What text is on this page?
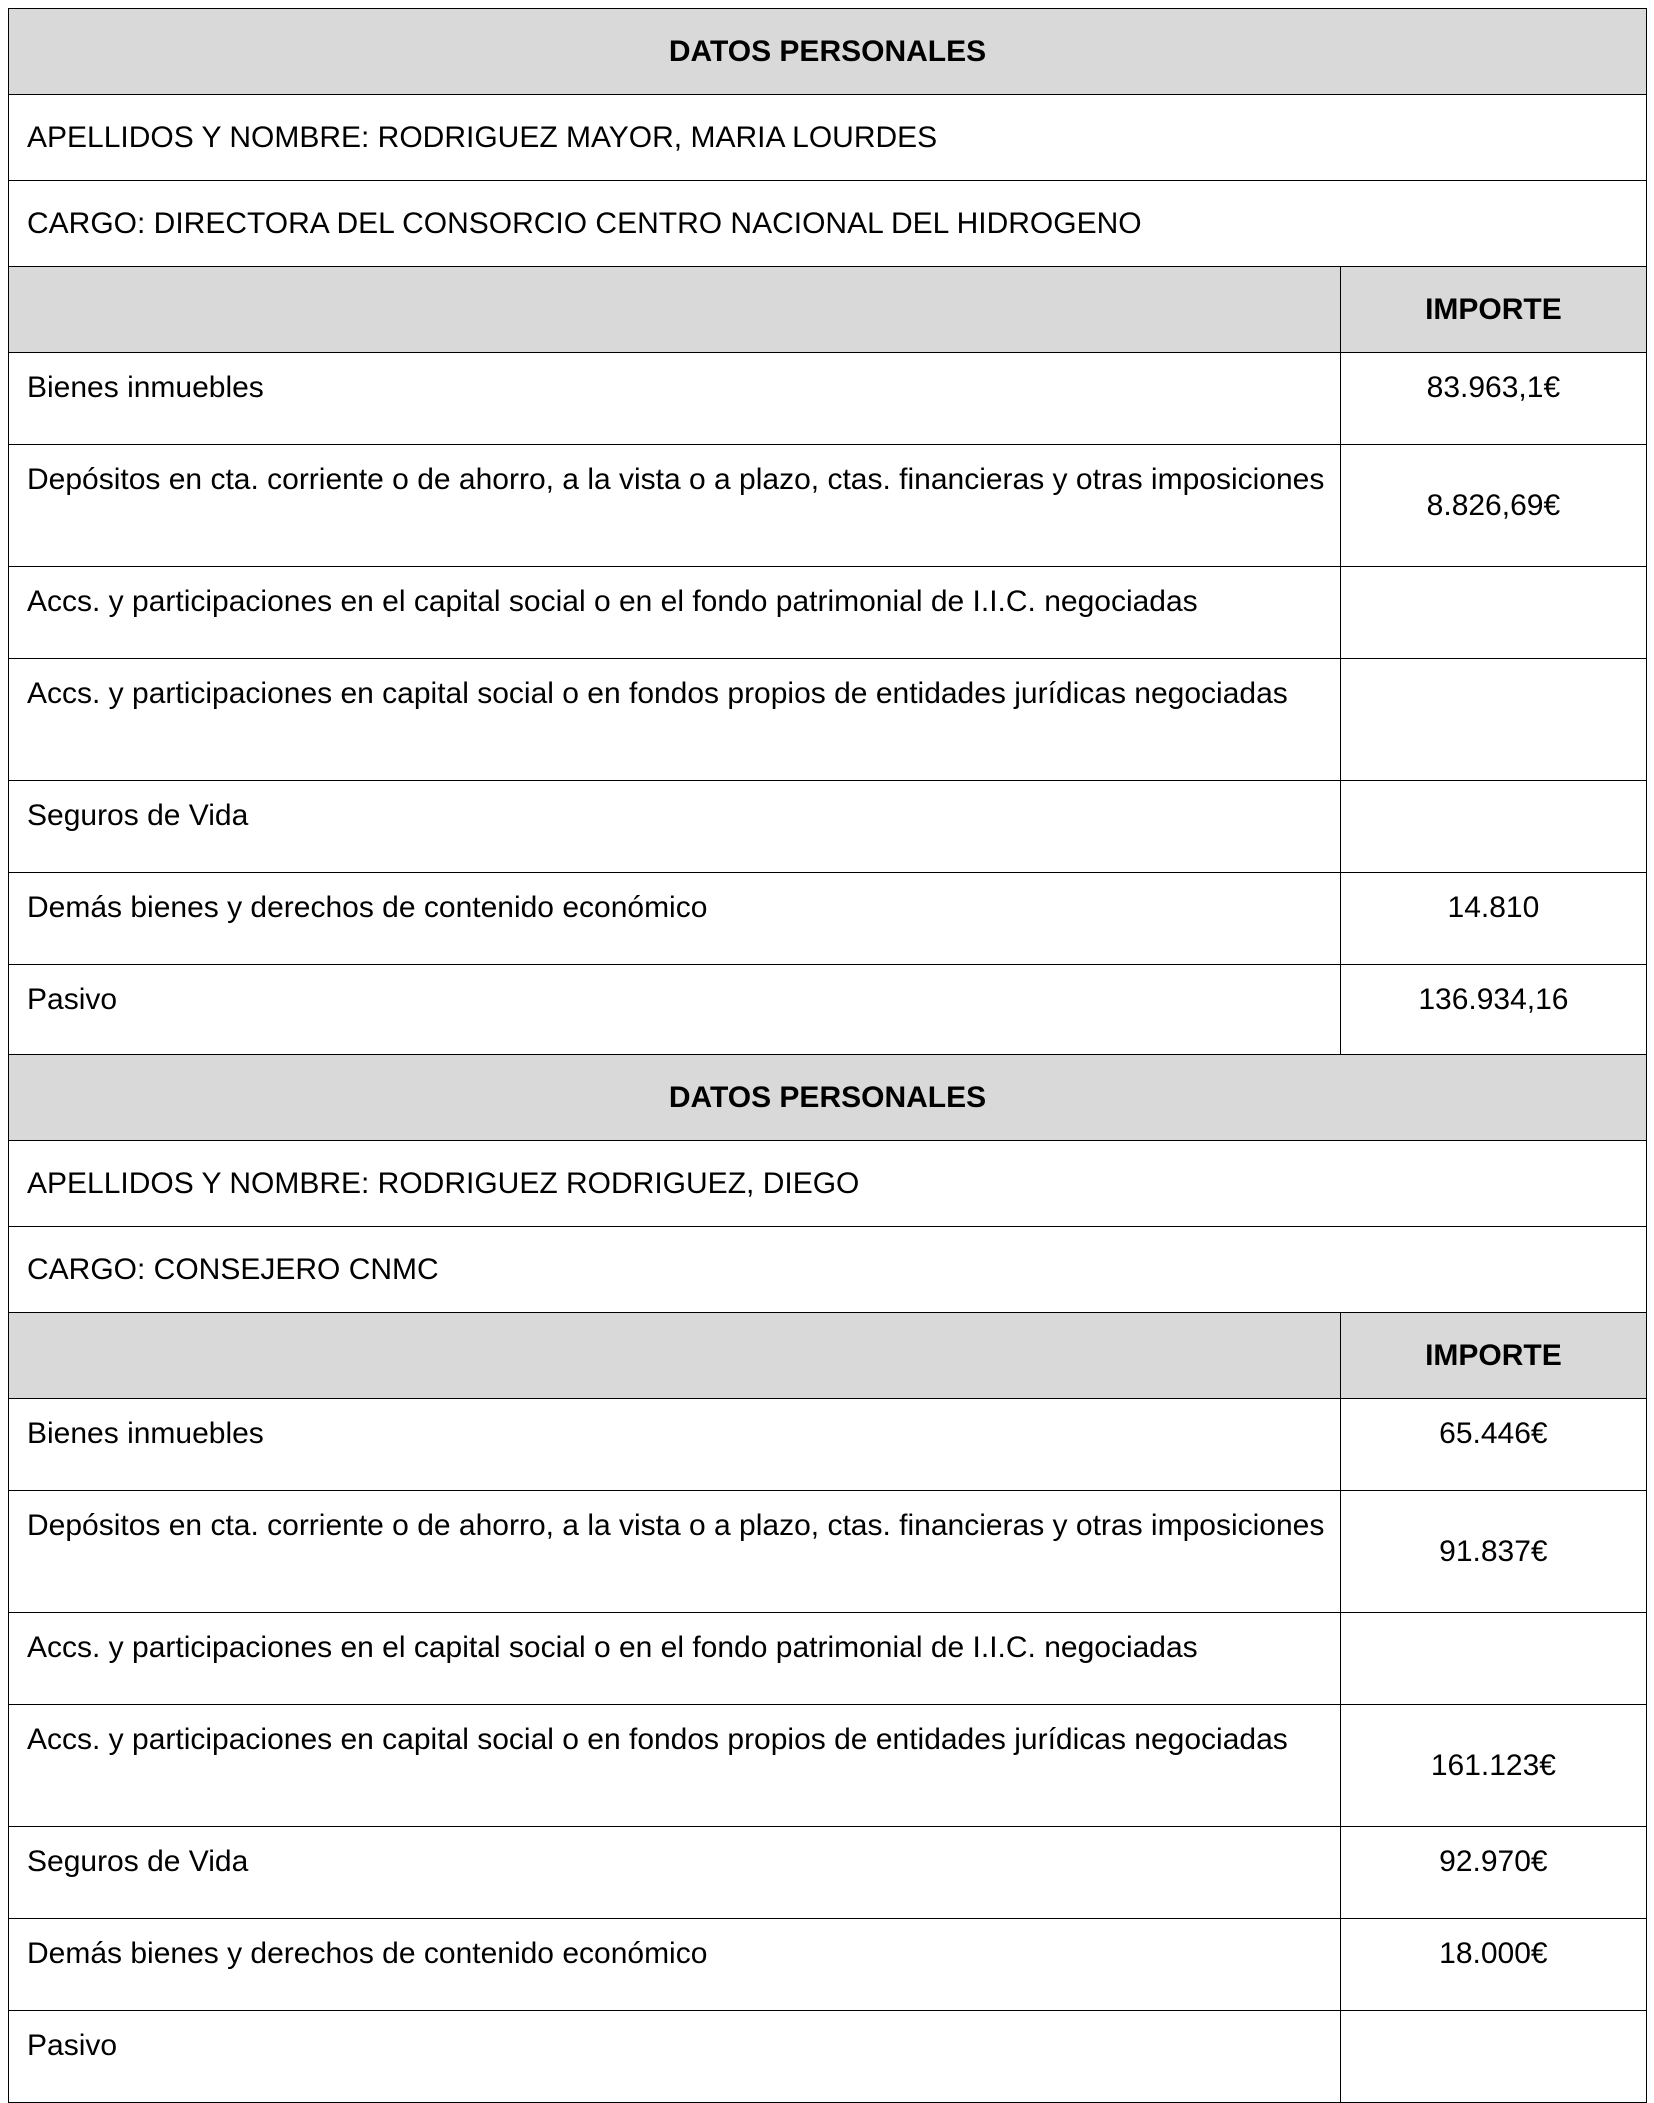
DATOS PERSONALES	
APELLIDOS Y NOMBRE: RODRIGUEZ MAYOR, MARIA LOURDES	
CARGO: DIRECTORA DEL CONSORCIO CENTRO NACIONAL DEL HIDROGENO	
	IMPORTE
Bienes inmuebles	83.963,1€
Depósitos en cta. corriente o de ahorro, a la vista o a plazo, ctas. financieras y otras imposiciones	8.826,69€
Accs. y participaciones en el capital social o en el fondo patrimonial de I.I.C. negociadas	
Accs. y participaciones en capital social o en fondos propios de entidades jurídicas negociadas	
Seguros de Vida	
Demás bienes y derechos de contenido económico	14.810
Pasivo	136.934,16
DATOS PERSONALES	
APELLIDOS Y NOMBRE: RODRIGUEZ RODRIGUEZ, DIEGO	
CARGO: CONSEJERO CNMC	
	IMPORTE
Bienes inmuebles	65.446€
Depósitos en cta. corriente o de ahorro, a la vista o a plazo, ctas. financieras y otras imposiciones	91.837€
Accs. y participaciones en el capital social o en el fondo patrimonial de I.I.C. negociadas	
Accs. y participaciones en capital social o en fondos propios de entidades jurídicas negociadas	161.123€
Seguros de Vida	92.970€
Demás bienes y derechos de contenido económico	18.000€
Pasivo	
